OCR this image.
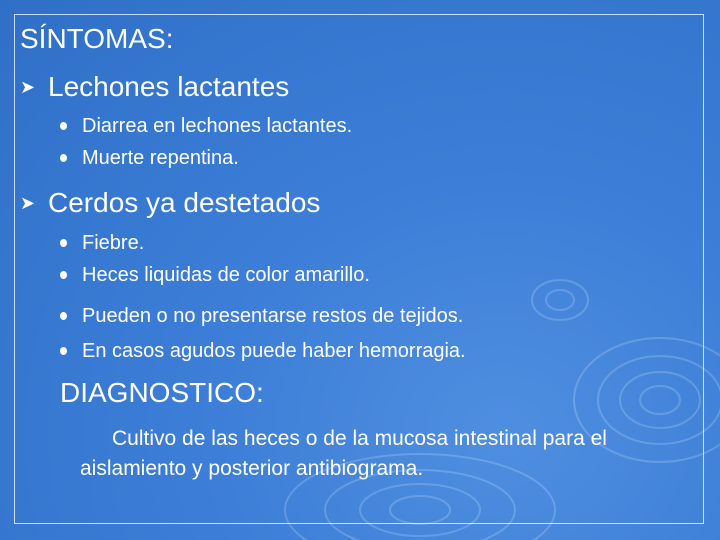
SÍNTOMAS:
➤ Lechones lactantes
Diarrea en lechones lactantes.
Muerte repentina.
➤ Cerdos ya destetados
Fiebre.
Heces liquidas de color amarillo.
Pueden o no presentarse restos de tejidos.
En casos agudos puede haber hemorragia.
DIAGNOSTICO:
Cultivo de las heces o de la mucosa intestinal para el aislamiento y posterior antibiograma.
